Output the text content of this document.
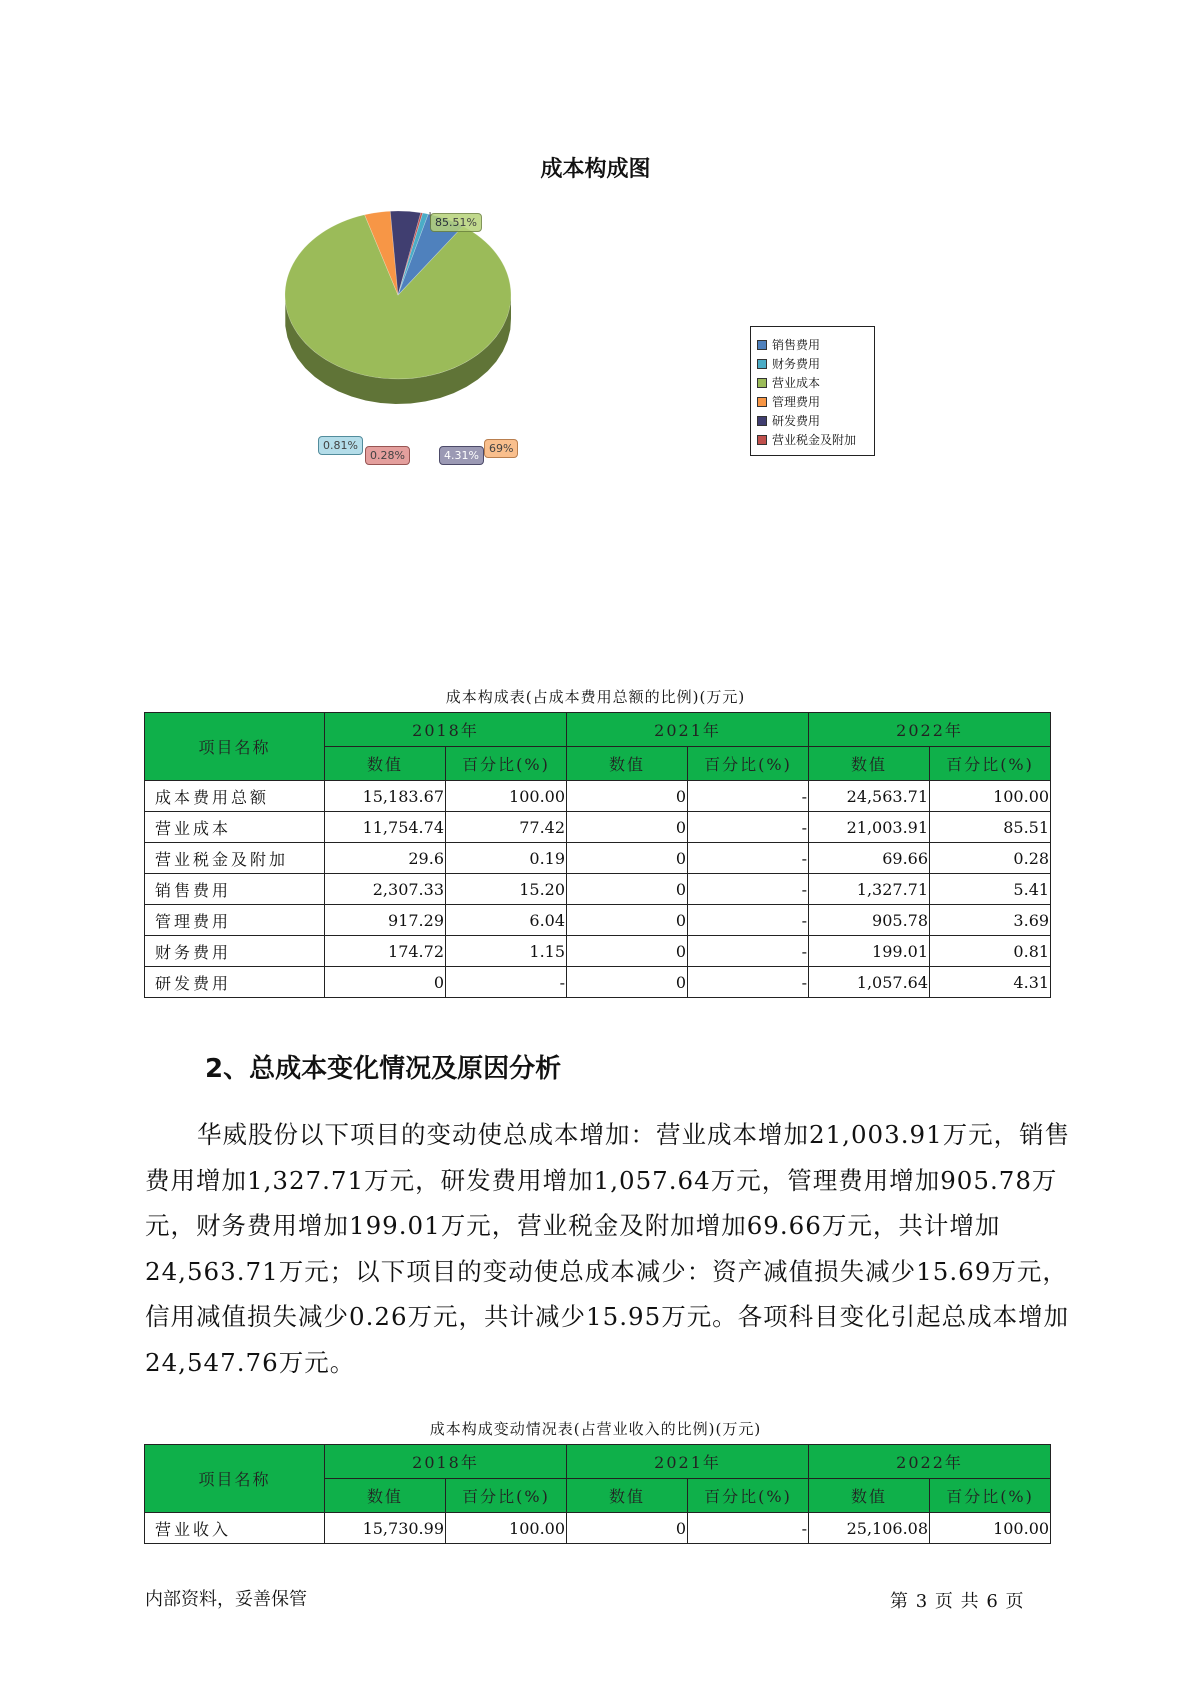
成本构成图
0.81%
85.51%
69%
4.31%
0.28%
销售费用
财务费用
营业成本
管理费用
研发费用
营业税金及附加
成本构成表(占成本费用总额的比例)(万元)
项目名称	2018年		2021年		2022年	
	数值	百分比(%)	数值	百分比(%)	数值	百分比(%)
成本费用总额	15,183.67	100.00	0	-	24,563.71	100.00
营业成本	11,754.74	77.42	0	-	21,003.91	85.51
营业税金及附加	29.6	0.19	0	-	69.66	0.28
销售费用	2,307.33	15.20	0	-	1,327.71	5.41
管理费用	917.29	6.04	0	-	905.78	3.69
财务费用	174.72	1.15	0	-	199.01	0.81
研发费用	0	-	0	-	1,057.64	4.31
2、总成本变化情况及原因分析
华威股份以下项目的变动使总成本增加：营业成本增加21,003.91万元，销售费用增加1,327.71万元，研发费用增加1,057.64万元，管理费用增加905.78万元，财务费用增加199.01万元，营业税金及附加增加69.66万元，共计增加24,563.71万元；以下项目的变动使总成本减少：资产减值损失减少15.69万元，信用减值损失减少0.26万元，共计减少15.95万元。各项科目变化引起总成本增加24,547.76万元。
成本构成变动情况表(占营业收入的比例)(万元)
项目名称	2018年		2021年		2022年	
	数值	百分比(%)	数值	百分比(%)	数值	百分比(%)
营业收入	15,730.99	100.00	0	-	25,106.08	100.00
内部资料，妥善保管	第 3 页 共 6 页
